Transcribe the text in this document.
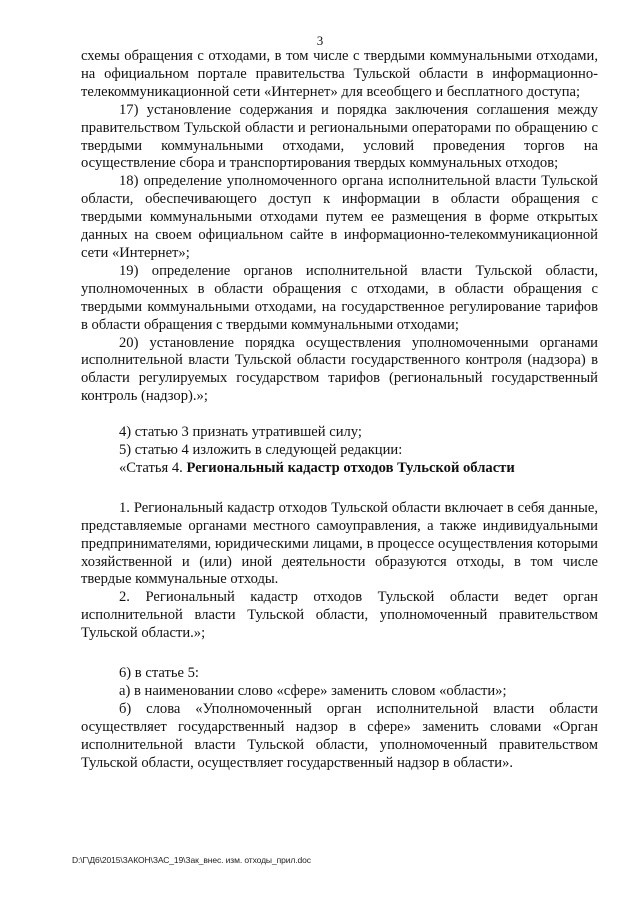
3

схемы обращения с отходами, в том числе с твердыми коммунальными отходами, на официальном портале правительства Тульской области в информационно-телекоммуникационной сети «Интернет» для всеобщего и бесплатного доступа;

17) установление содержания и порядка заключения соглашения между правительством Тульской области и региональными операторами по обращению с твердыми коммунальными отходами, условий проведения торгов на осуществление сбора и транспортирования твердых коммунальных отходов;

18) определение уполномоченного органа исполнительной власти Тульской области, обеспечивающего доступ к информации в области обращения с твердыми коммунальными отходами путем ее размещения в форме открытых данных на своем официальном сайте в информационно-телекоммуникационной сети «Интернет»;

19) определение органов исполнительной власти Тульской области, уполномоченных в области обращения с отходами, в области обращения с твердыми коммунальными отходами, на государственное регулирование тарифов в области обращения с твердыми коммунальными отходами;

20) установление порядка осуществления уполномоченными органами исполнительной власти Тульской области государственного контроля (надзора) в области регулируемых государством тарифов (региональный государственный контроль (надзор).»;

4) статью 3 признать утратившей силу;

5) статью 4 изложить в следующей редакции:

«Статья 4. Региональный кадастр отходов Тульской области

1. Региональный кадастр отходов Тульской области включает в себя данные, представляемые органами местного самоуправления, а также индивидуальными предпринимателями, юридическими лицами, в процессе осуществления которыми хозяйственной и (или) иной деятельности образуются отходы, в том числе твердые коммунальные отходы.

2. Региональный кадастр отходов Тульской области ведет орган исполнительной власти Тульской области, уполномоченный правительством Тульской области.»;

6) в статье 5:

а) в наименовании слово «сфере» заменить словом «области»;

б) слова «Уполномоченный орган исполнительной власти области осуществляет государственный надзор в сфере» заменить словами «Орган исполнительной власти Тульской области, уполномоченный правительством Тульской области, осуществляет государственный надзор в области».

D:\Г\Д6\2015\ЗАКОН\ЗАС_19\Зак_внес. изм. отходы_прил.doc
